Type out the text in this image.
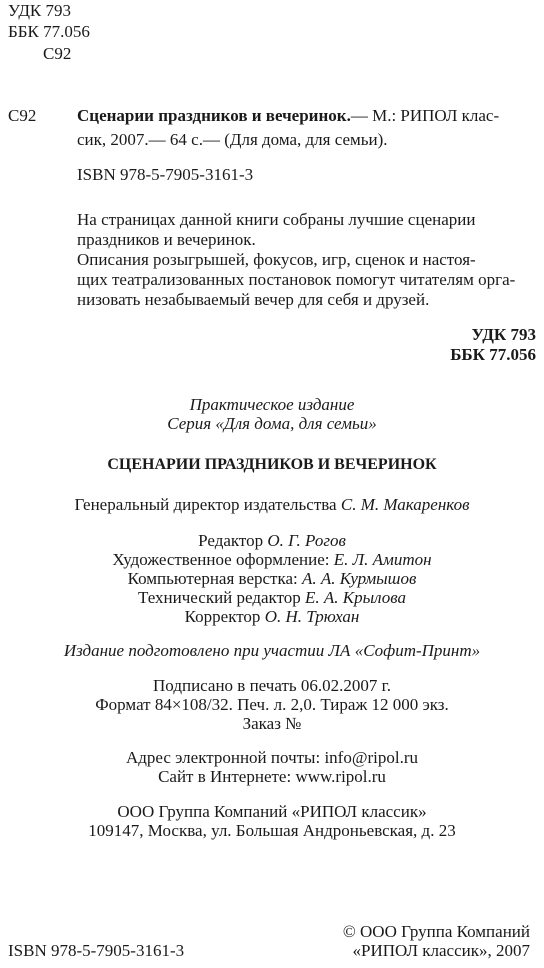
УДК 793
ББК 77.056
С92
С92 Сценарии праздников и вечеринок.— М.: РИПОЛ клас-
сик, 2007.— 64 с.— (Для дома, для семьи).
ISBN 978-5-7905-3161-3
На страницах данной книги собраны лучшие сценарии
праздников и вечеринок.
Описания розыгрышей, фокусов, игр, сценок и настоя-
щих театрализованных постановок помогут читателям орга-
низовать незабываемый вечер для себя и друзей.
УДК 793
ББК 77.056
Практическое издание
Серия «Для дома, для семьи»
СЦЕНАРИИ ПРАЗДНИКОВ И ВЕЧЕРИНОК
Генеральный директор издательства С. М. Макаренков
Редактор О. Г. Рогов
Художественное оформление: Е. Л. Амитон
Компьютерная верстка: А. А. Курмышов
Технический редактор Е. А. Крылова
Корректор О. Н. Трюхан
Издание подготовлено при участии ЛА «Софит-Принт»
Подписано в печать 06.02.2007 г.
Формат 84×108/32. Печ. л. 2,0. Тираж 12 000 экз.
Заказ №
Адрес электронной почты: info@ripol.ru
Сайт в Интернете: www.ripol.ru
ООО Группа Компаний «РИПОЛ классик»
109147, Москва, ул. Большая Андроньевская, д. 23
ISBN 978-5-7905-3161-3
© ООО Группа Компаний
«РИПОЛ классик», 2007
